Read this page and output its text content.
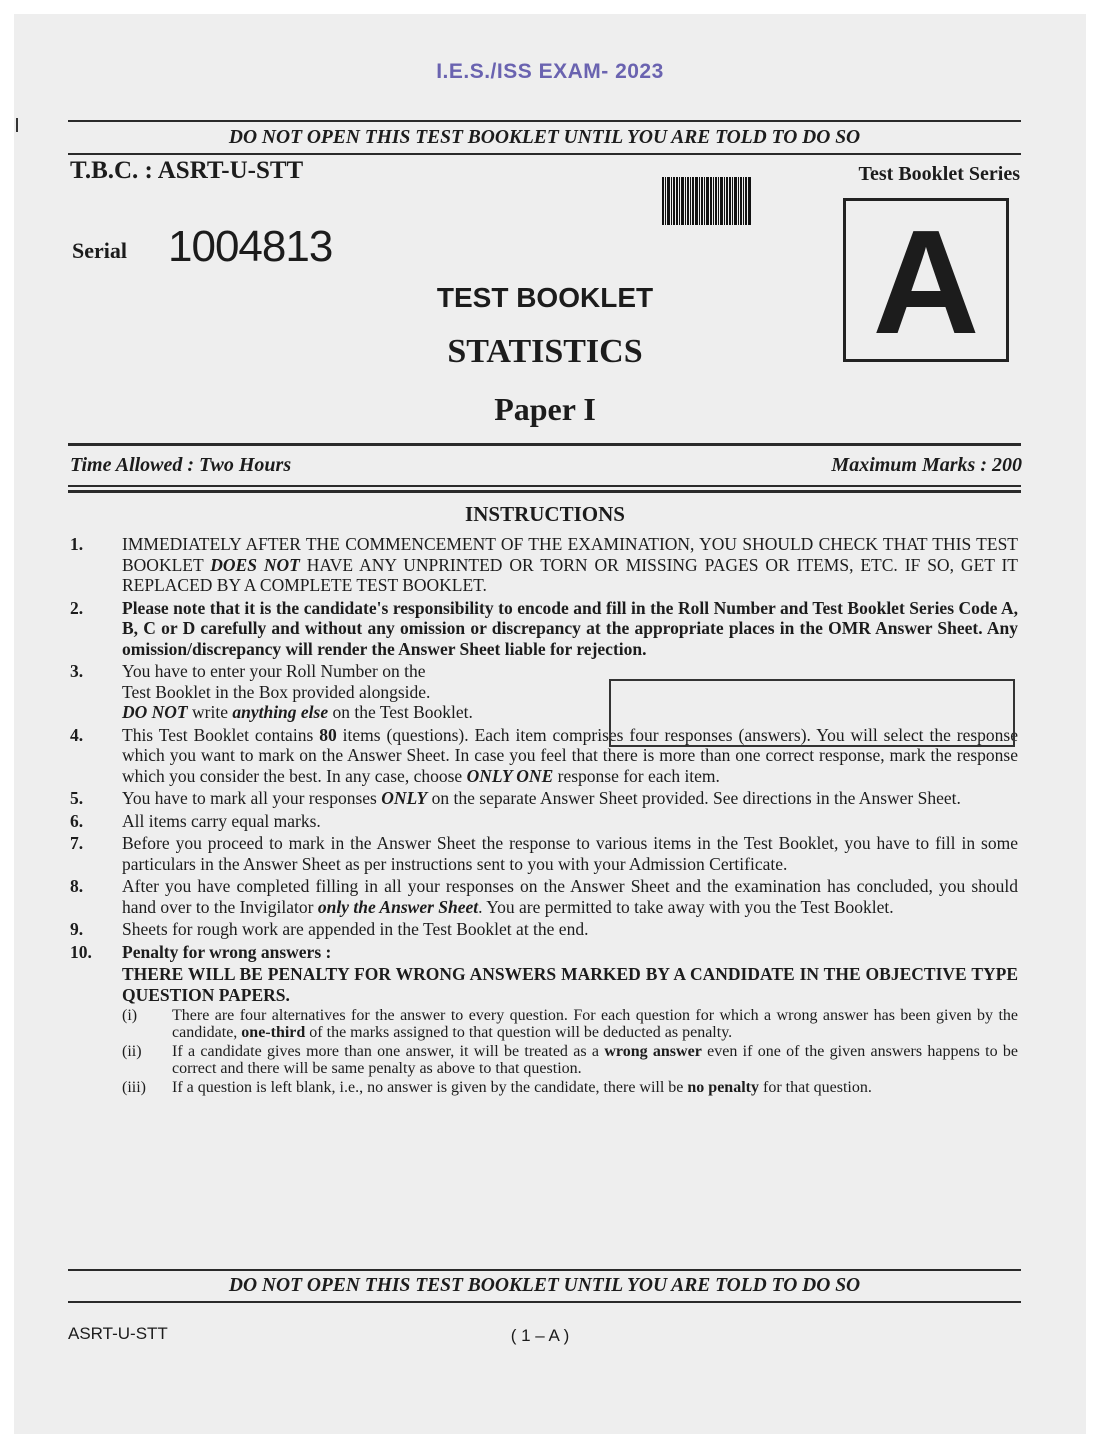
I.E.S./ISS EXAM- 2023
DO NOT OPEN THIS TEST BOOKLET UNTIL YOU ARE TOLD TO DO SO
T.B.C. : ASRT-U-STT	Test Booklet Series
A
Serial 1004813
TEST BOOKLET
STATISTICS
Paper I
Time Allowed : Two Hours	Maximum Marks : 200
INSTRUCTIONS
1.	IMMEDIATELY AFTER THE COMMENCEMENT OF THE EXAMINATION, YOU SHOULD CHECK THAT THIS TEST BOOKLET DOES NOT HAVE ANY UNPRINTED OR TORN OR MISSING PAGES OR ITEMS, ETC. IF SO, GET IT REPLACED BY A COMPLETE TEST BOOKLET.
2.	Please note that it is the candidate's responsibility to encode and fill in the Roll Number and Test Booklet Series Code A, B, C or D carefully and without any omission or discrepancy at the appropriate places in the OMR Answer Sheet. Any omission/discrepancy will render the Answer Sheet liable for rejection.
3.	You have to enter your Roll Number on the
Test Booklet in the Box provided alongside.
DO NOT write anything else on the Test Booklet.
4.	This Test Booklet contains 80 items (questions). Each item comprises four responses (answers). You will select the response which you want to mark on the Answer Sheet. In case you feel that there is more than one correct response, mark the response which you consider the best. In any case, choose ONLY ONE response for each item.
5.	You have to mark all your responses ONLY on the separate Answer Sheet provided. See directions in the Answer Sheet.
6.	All items carry equal marks.
7.	Before you proceed to mark in the Answer Sheet the response to various items in the Test Booklet, you have to fill in some particulars in the Answer Sheet as per instructions sent to you with your Admission Certificate.
8.	After you have completed filling in all your responses on the Answer Sheet and the examination has concluded, you should hand over to the Invigilator only the Answer Sheet. You are permitted to take away with you the Test Booklet.
9.	Sheets for rough work are appended in the Test Booklet at the end.
10.	Penalty for wrong answers :
THERE WILL BE PENALTY FOR WRONG ANSWERS MARKED BY A CANDIDATE IN THE OBJECTIVE TYPE QUESTION PAPERS.
(i)	There are four alternatives for the answer to every question. For each question for which a wrong answer has been given by the candidate, one-third of the marks assigned to that question will be deducted as penalty.
(ii)	If a candidate gives more than one answer, it will be treated as a wrong answer even if one of the given answers happens to be correct and there will be same penalty as above to that question.
(iii)	If a question is left blank, i.e., no answer is given by the candidate, there will be no penalty for that question.
DO NOT OPEN THIS TEST BOOKLET UNTIL YOU ARE TOLD TO DO SO
ASRT-U-STT	( 1 – A )
